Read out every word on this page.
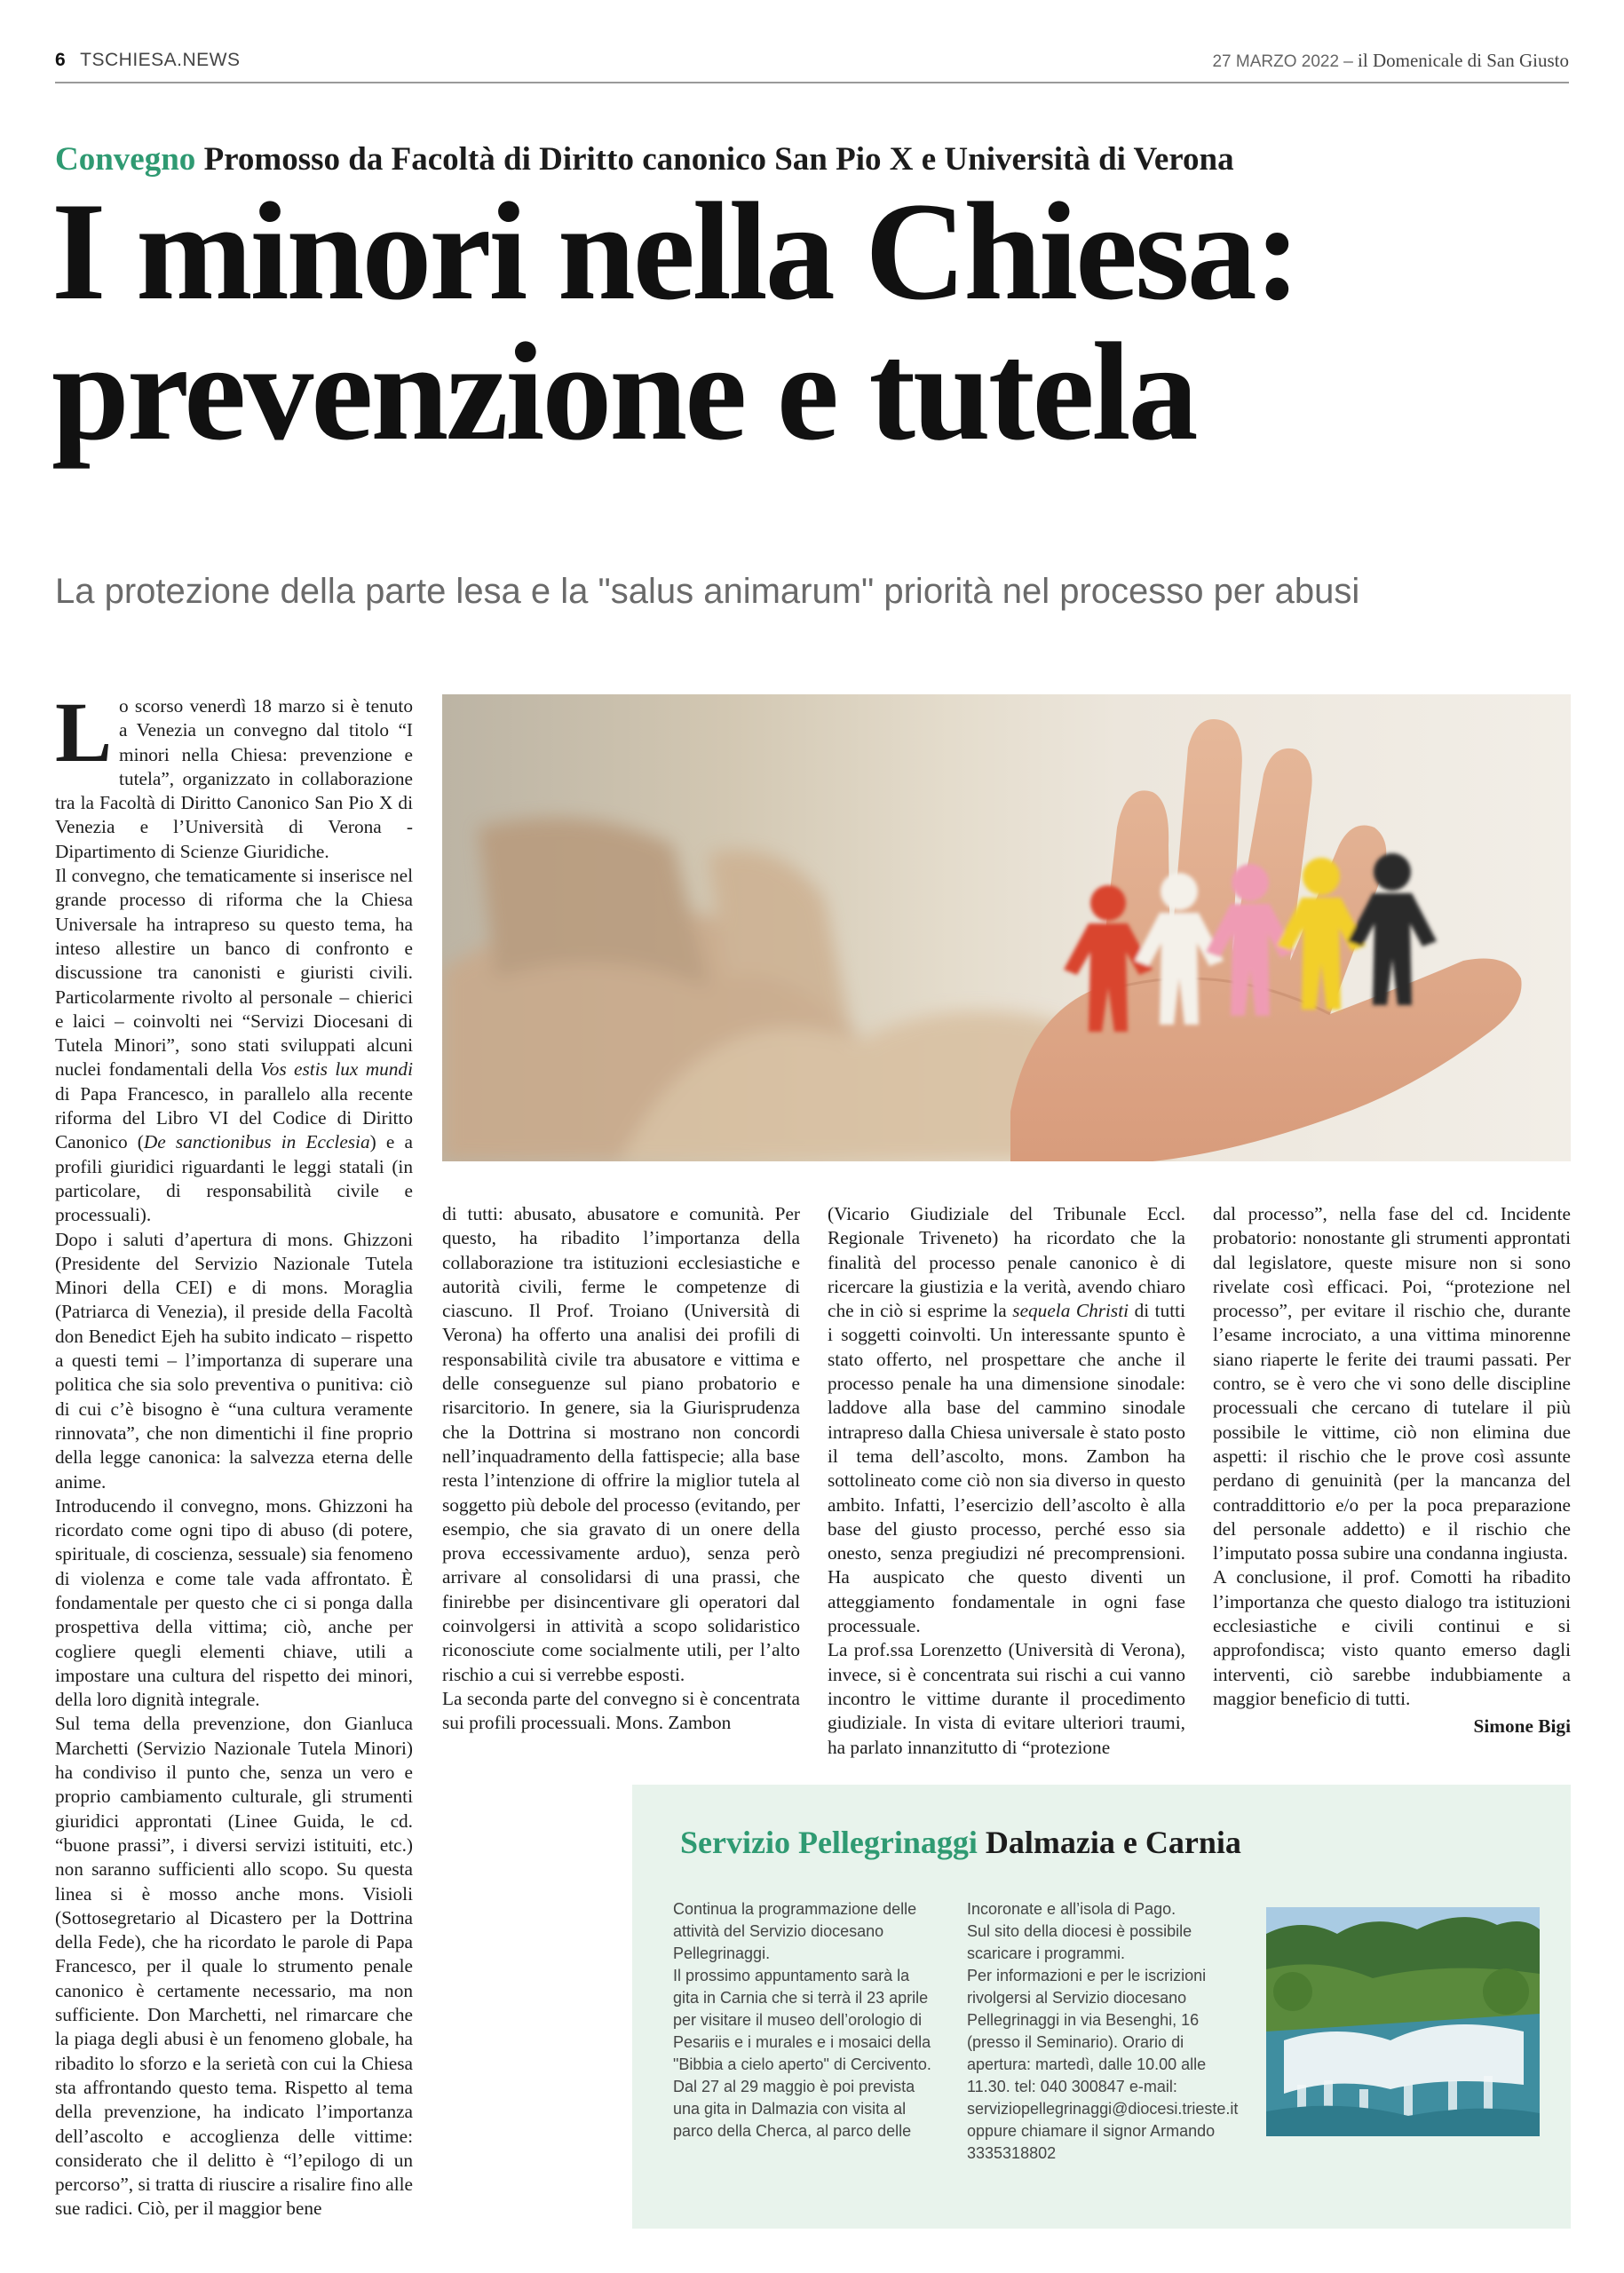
6 TSCHIESA.NEWS	27 MARZO 2022 – il Domenicale di San Giusto
Convegno Promosso da Facoltà di Diritto canonico San Pio X e Università di Verona
I minori nella Chiesa:
prevenzione e tutela
La protezione della parte lesa e la "salus animarum" priorità nel processo per abusi
L o scorso venerdì 18 marzo si è tenuto a Venezia un convegno dal titolo “I minori nella Chiesa: prevenzione e tutela”, organizzato in collaborazione tra la Facoltà di Diritto Canonico San Pio X di Venezia e l’Università di Verona - Dipartimento di Scienze Giuridiche.

Il convegno, che tematicamente si inserisce nel grande processo di riforma che la Chiesa Universale ha intrapreso su questo tema, ha inteso allestire un banco di confronto e discussione tra canonisti e giuristi civili. Particolarmente rivolto al personale – chierici e laici – coinvolti nei “Servizi Diocesani di Tutela Minori”, sono stati sviluppati alcuni nuclei fondamentali della Vos estis lux mundi di Papa Francesco, in parallelo alla recente riforma del Libro VI del Codice di Diritto Canonico (De sanctionibus in Ecclesia) e a profili giuridici riguardanti le leggi statali (in particolare, di responsabilità civile e processuali).

Dopo i saluti d’apertura di mons. Ghizzoni (Presidente del Servizio Nazionale Tutela Minori della CEI) e di mons. Moraglia (Patriarca di Venezia), il preside della Facoltà don Benedict Ejeh ha subito indicato – rispetto a questi temi – l’importanza di superare una politica che sia solo preventiva o punitiva: ciò di cui c’è bisogno è “una cultura veramente rinnovata”, che non dimentichi il fine proprio della legge canonica: la salvezza eterna delle anime.

Introducendo il convegno, mons. Ghizzoni ha ricordato come ogni tipo di abuso (di potere, spirituale, di coscienza, sessuale) sia fenomeno di violenza e come tale vada affrontato. È fondamentale per questo che ci si ponga dalla prospettiva della vittima; ciò, anche per cogliere quegli elementi chiave, utili a impostare una cultura del rispetto dei minori, della loro dignità integrale.

Sul tema della prevenzione, don Gianluca Marchetti (Servizio Nazionale Tutela Minori) ha condiviso il punto che, senza un vero e proprio cambiamento culturale, gli strumenti giuridici approntati (Linee Guida, le cd. “buone prassi”, i diversi servizi istituiti, etc.) non saranno sufficienti allo scopo. Su questa linea si è mosso anche mons. Visioli (Sottosegretario al Dicastero per la Dottrina della Fede), che ha ricordato le parole di Papa Francesco, per il quale lo strumento penale canonico è certamente necessario, ma non sufficiente. Don Marchetti, nel rimarcare che la piaga degli abusi è un fenomeno globale, ha ribadito lo sforzo e la serietà con cui la Chiesa sta affrontando questo tema. Rispetto al tema della prevenzione, ha indicato l’importanza dell’ascolto e accoglienza delle vittime: considerato che il delitto è “l’epilogo di un percorso”, si tratta di riuscire a risalire fino alle sue radici. Ciò, per il maggior bene

di tutti: abusato, abusatore e comunità. Per questo, ha ribadito l’importanza della collaborazione tra istituzioni ecclesiastiche e autorità civili, ferme le competenze di ciascuno. Il Prof. Troiano (Università di Verona) ha offerto una analisi dei profili di responsabilità civile tra abusatore e vittima e delle conseguenze sul piano probatorio e risarcitorio. In genere, sia la Giurisprudenza che la Dottrina si mostrano non concordi nell’inquadramento della fattispecie; alla base resta l’intenzione di offrire la miglior tutela al soggetto più debole del processo (evitando, per esempio, che sia gravato di un onere della prova eccessivamente arduo), senza però arrivare al consolidarsi di una prassi, che finirebbe per disincentivare gli operatori dal coinvolgersi in attività a scopo solidaristico riconosciute come socialmente utili, per l’alto rischio a cui si verrebbe esposti.

La seconda parte del convegno si è concentrata sui profili processuali. Mons. Zambon

(Vicario Giudiziale del Tribunale Eccl. Regionale Triveneto) ha ricordato che la finalità del processo penale canonico è di ricercare la giustizia e la verità, avendo chiaro che in ciò si esprime la sequela Christi di tutti i soggetti coinvolti. Un interessante spunto è stato offerto, nel prospettare che anche il processo penale ha una dimensione sinodale: laddove alla base del cammino sinodale intrapreso dalla Chiesa universale è stato posto il tema dell’ascolto, mons. Zambon ha sottolineato come ciò non sia diverso in questo ambito. Infatti, l’esercizio dell’ascolto è alla base del giusto processo, perché esso sia onesto, senza pregiudizi né precomprensioni. Ha auspicato che questo diventi un atteggiamento fondamentale in ogni fase processuale.

La prof.ssa Lorenzetto (Università di Verona), invece, si è concentrata sui rischi a cui vanno incontro le vittime durante il procedimento giudiziale. In vista di evitare ulteriori traumi, ha parlato innanzitutto di “protezione

dal processo”, nella fase del cd. Incidente probatorio: nonostante gli strumenti approntati dal legislatore, queste misure non si sono rivelate così efficaci. Poi, “protezione nel processo”, per evitare il rischio che, durante l’esame incrociato, a una vittima minorenne siano riaperte le ferite dei traumi passati. Per contro, se è vero che vi sono delle discipline processuali che cercano di tutelare il più possibile le vittime, ciò non elimina due aspetti: il rischio che le prove così assunte perdano di genuinità (per la mancanza del contraddittorio e/o per la poca preparazione del personale addetto) e il rischio che l’imputato possa subire una condanna ingiusta.

A conclusione, il prof. Comotti ha ribadito l’importanza che questo dialogo tra istituzioni ecclesiastiche e civili continui e si approfondisca; visto quanto emerso dagli interventi, ciò sarebbe indubbiamente a maggior beneficio di tutti.

Simone Bigi
Servizio Pellegrinaggi Dalmazia e Carnia

Continua la programmazione delle attività del Servizio diocesano Pellegrinaggi.

Il prossimo appuntamento sarà la gita in Carnia che si terrà il 23 aprile per visitare il museo dell’orologio di Pesariis e i murales e i mosaici della "Bibbia a cielo aperto" di Cercivento.

Dal 27 al 29 maggio è poi prevista una gita in Dalmazia con visita al parco della Cherca, al parco delle

Incoronate e all’isola di Pago.

Sul sito della diocesi è possibile scaricare i programmi.

Per informazioni e per le iscrizioni rivolgersi al Servizio diocesano Pellegrinaggi in via Besenghi, 16 (presso il Seminario). Orario di apertura: martedì, dalle 10.00 alle 11.30. tel: 040 300847 e-mail:

serviziopellegrinaggi@diocesi.trieste.it

oppure chiamare il signor Armando 3335318802
